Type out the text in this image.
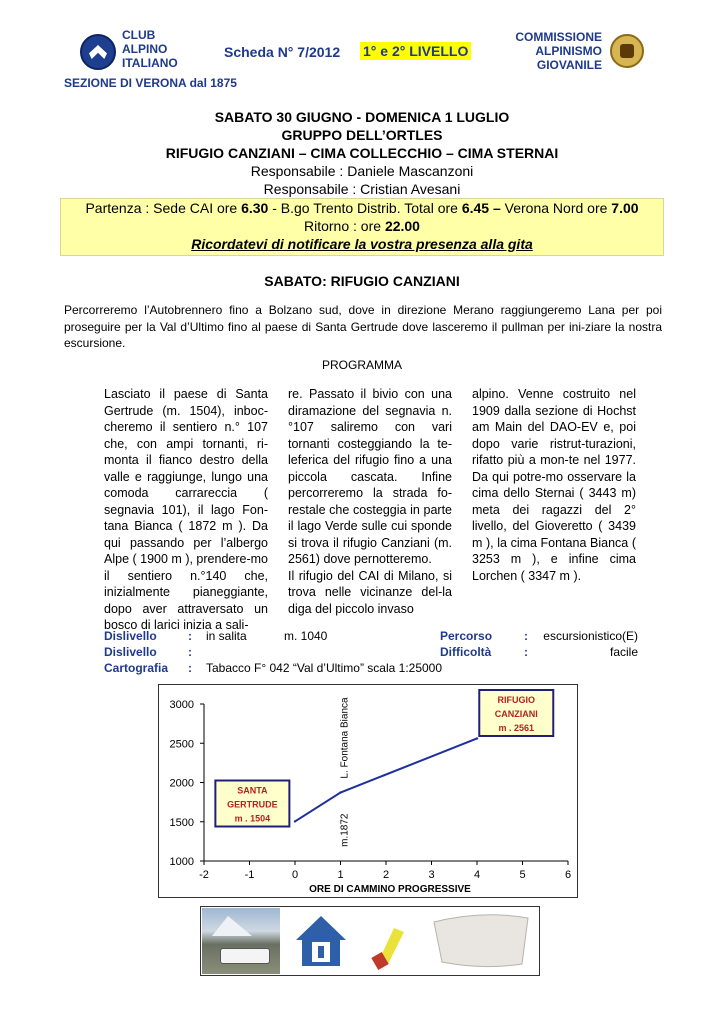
CLUB
ALPINO
ITALIANO
Scheda N° 7/2012 1° e 2° LIVELLO
COMMISSIONE
ALPINISMO
GIOVANILE
SEZIONE DI VERONA dal 1875
SABATO 30 GIUGNO - DOMENICA 1 LUGLIO
GRUPPO DELL’ORTLES
RIFUGIO CANZIANI – CIMA COLLECCHIO – CIMA STERNAI
Responsabile : Daniele Mascanzoni
Responsabile : Cristian Avesani
Partenza : Sede CAI ore 6.30 - B.go Trento Distrib. Total ore 6.45 – Verona Nord ore 7.00
Ritorno : ore 22.00
Ricordatevi di notificare la vostra presenza alla gita
SABATO: RIFUGIO CANZIANI
Percorreremo l’Autobrennero fino a Bolzano sud, dove in direzione Merano raggiungeremo Lana per poi proseguire per la Val d’Ultimo fino al paese di Santa Gertrude dove lasceremo il pullman per ini-ziare la nostra escursione.
PROGRAMMA
Lasciato il paese di Santa Gertrude (m. 1504), inboc-cheremo il sentiero n.° 107 che, con ampi tornanti, ri-monta il fianco destro della valle e raggiunge, lungo una comoda carrareccia ( segnavia 101), il lago Fon-tana Bianca ( 1872 m ). Da qui passando per l’albergo Alpe ( 1900 m ), prendere-mo il sentiero n.°140 che, inizialmente pianeggiante, dopo aver attraversato un bosco di larici inizia a sali-
re. Passato il bivio con una diramazione del segnavia n.°107 saliremo con vari tornanti costeggiando la te-leferica del rifugio fino a una piccola cascata. Infine percorreremo la strada fo-restale che costeggia in parte il lago Verde sulle cui sponde si trova il rifugio Canziani (m. 2561) dove pernotteremo.
Il rifugio del CAI di Milano, si trova nelle vicinanze del-la diga del piccolo invaso
alpino. Venne costruito nel 1909 dalla sezione di Hochst am Main del DAO-EV e, poi dopo varie ristrut-turazioni, rifatto più a mon-te nel 1977. Da qui potre-mo osservare la cima dello Sternai ( 3443 m) meta dei ragazzi del 2° livello, del Gioveretto ( 3439 m ), la cima Fontana Bianca ( 3253 m ), e infine cima Lorchen ( 3347 m ).
Dislivello	: in salita	m. 1040	Percorso	: escursionistico(E)
Dislivello	:	Difficoltà	:	facile
Cartografia : Tabacco F° 042 “Val d’Ultimo” scala 1:25000
1000
1500
2000
2500
3000
-2	-1	0	1	2	3	4	5	6
ORE DI CAMMINO PROGRESSIVE
SANTA
GERTRUDE
m . 1504
RIFUGIO
CANZIANI
m . 2561
L. Fontana Bianca
m.1872
